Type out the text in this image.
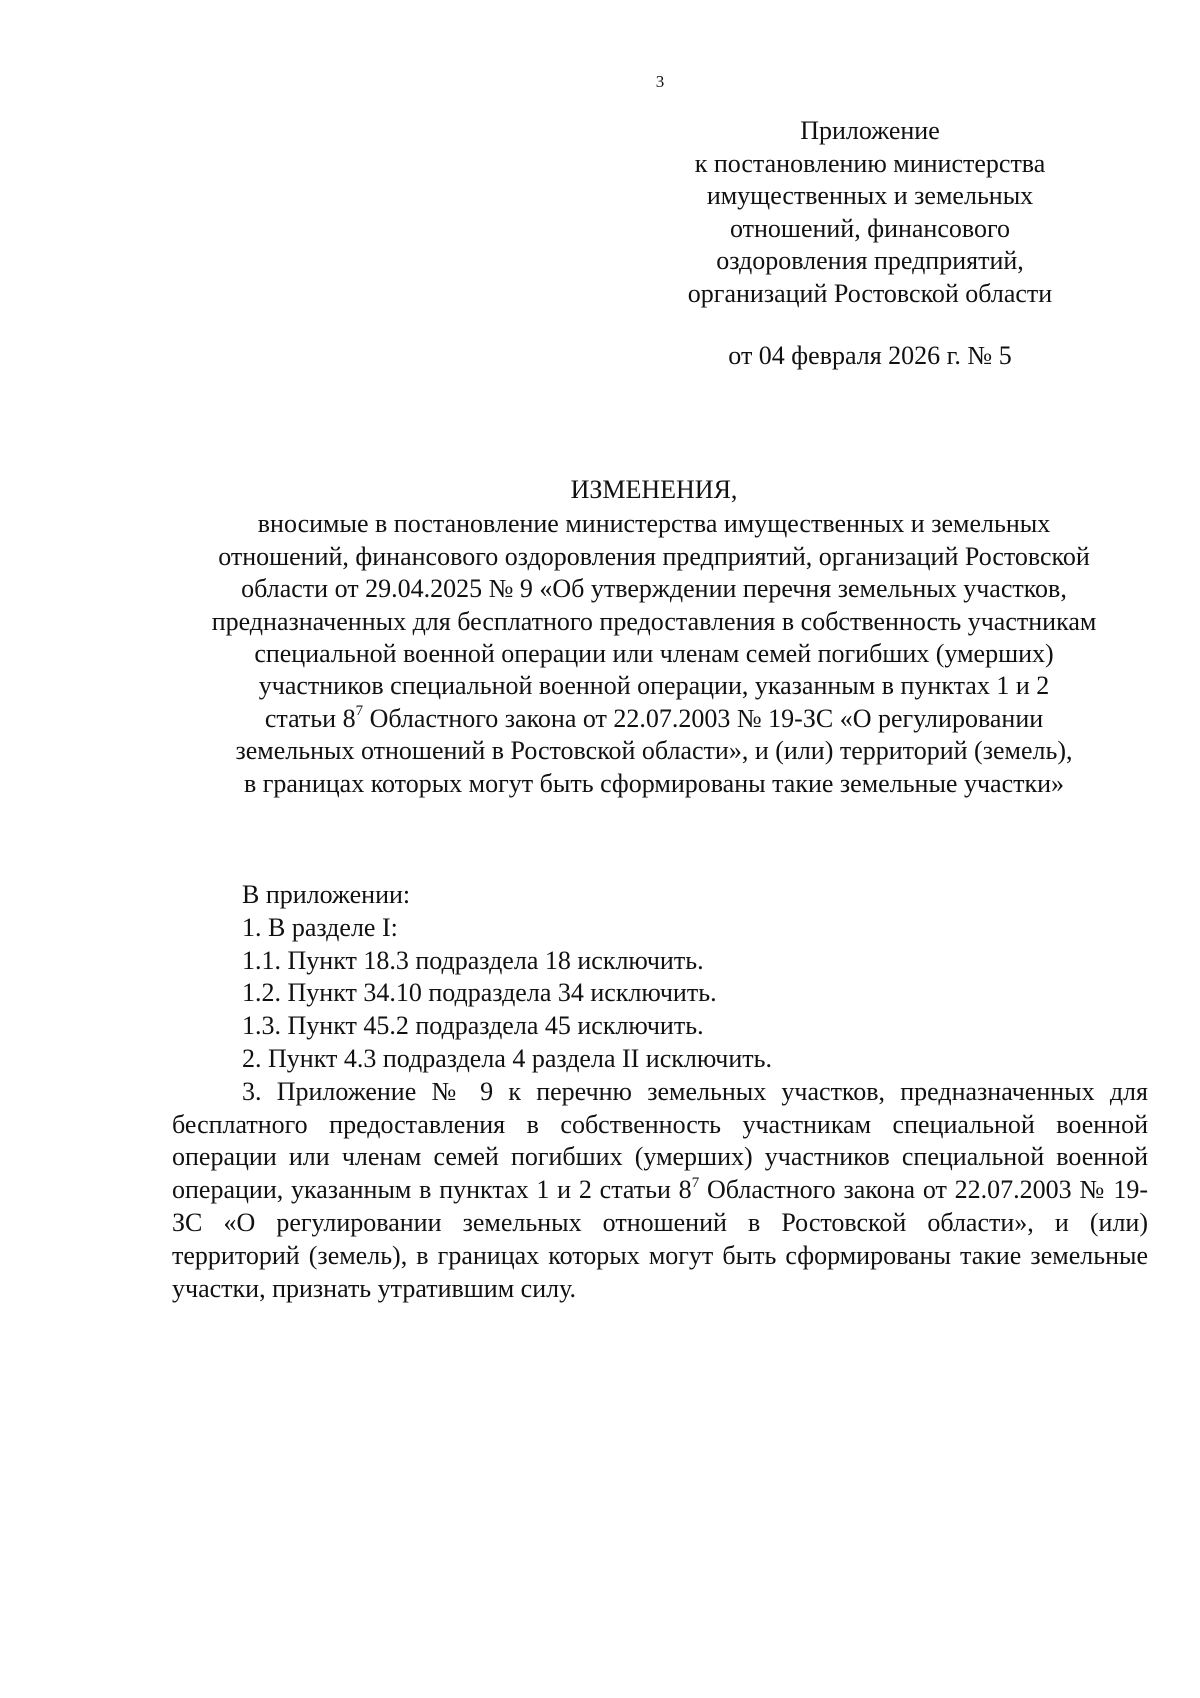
3
Приложение
к постановлению министерства
имущественных и земельных
отношений, финансового
оздоровления предприятий,
организаций Ростовской области
от 04 февраля 2026 г. № 5
ИЗМЕНЕНИЯ,
вносимые в постановление министерства имущественных и земельных
отношений, финансового оздоровления предприятий, организаций Ростовской
области от 29.04.2025 № 9 «Об утверждении перечня земельных участков,
предназначенных для бесплатного предоставления в собственность участникам
специальной военной операции или членам семей погибших (умерших)
участников специальной военной операции, указанным в пунктах 1 и 2
статьи $8^7$ Областного закона от 22.07.2003 № 19-ЗС «О регулировании
земельных отношений в Ростовской области», и (или) территорий (земель),
в границах которых могут быть сформированы такие земельные участки»
В приложении:
1. В разделе I:
1.1. Пункт 18.3 подраздела 18 исключить.
1.2. Пункт 34.10 подраздела 34 исключить.
1.3. Пункт 45.2 подраздела 45 исключить.
2. Пункт 4.3 подраздела 4 раздела II исключить.
3. Приложение № 9 к перечню земельных участков, предназначенных для бесплатного предоставления в собственность участникам специальной военной операции или членам семей погибших (умерших) участников специальной военной операции, указанным в пунктах 1 и 2 статьи $8^7$ Областного закона от 22.07.2003 № 19-ЗС «О регулировании земельных отношений в Ростовской области», и (или) территорий (земель), в границах которых могут быть сформированы такие земельные участки, признать утратившим силу.
